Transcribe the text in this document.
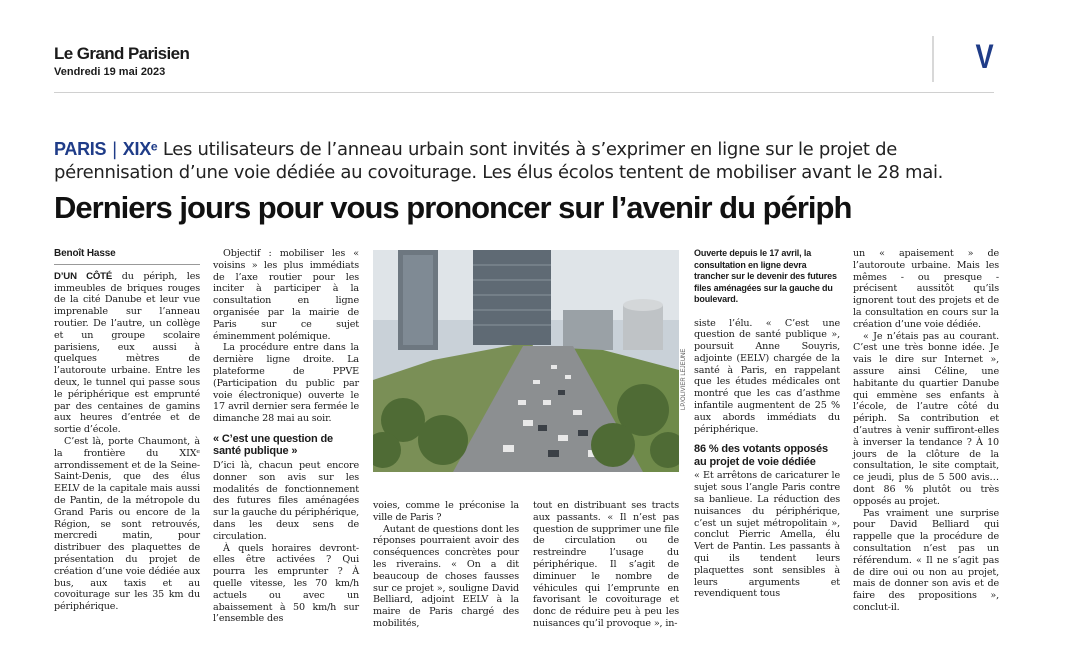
Le Grand Parisien
Vendredi 19 mai 2023	V
PARIS | XIXᵉ Les utilisateurs de l’anneau urbain sont invités à s’exprimer en ligne sur le projet de pérennisation d’une voie dédiée au covoiturage. Les élus écolos tentent de mobiliser avant le 28 mai.
Derniers jours pour vous prononcer sur l’avenir du périph
Benoît Hasse

D’UN CÔTÉ du périph, les immeubles de briques rouges de la cité Danube et leur vue imprenable sur l’anneau routier. De l’autre, un collège et un groupe scolaire parisiens, eux aussi à quelques mètres de l’autoroute urbaine. Entre les deux, le tunnel qui passe sous le périphérique est emprunté par des centaines de gamins aux heures d’entrée et de sortie d’école.

C’est là, porte Chaumont, à la frontière du XIXᵉ arrondissement et de la Seine-Saint-Denis, que des élus EELV de la capitale mais aussi de Pantin, de la métropole du Grand Paris ou encore de la Région, se sont retrouvés, mercredi matin, pour distribuer des plaquettes de présentation du projet de création d’une voie dédiée aux bus, aux taxis et au covoiturage sur les 35 km du périphérique.

Objectif : mobiliser les « voisins » les plus immédiats de l’axe routier pour les inciter à participer à la consultation en ligne organisée par la mairie de Paris sur ce sujet éminemment polémique.

La procédure entre dans la dernière ligne droite. La plateforme de PPVE (Participation du public par voie électronique) ouverte le 17 avril dernier sera fermée le dimanche 28 mai au soir.

« C’est une question de santé publique »

D’ici là, chacun peut encore donner son avis sur les modalités de fonctionnement des futures files aménagées sur la gauche du périphérique, dans les deux sens de circulation.

À quels horaires devront-elles être activées ? Qui pourra les emprunter ? À quelle vitesse, les 70 km/h actuels ou avec un abaissement à 50 km/h sur l’ensemble des

LP/OLIVIER LEJEUNE

voies, comme le préconise la ville de Paris ?

Autant de questions dont les réponses pourraient avoir des conséquences concrètes pour les riverains. « On a dit beaucoup de choses fausses sur ce projet », souligne David Belliard, adjoint EELV à la maire de Paris chargé des mobilités,

tout en distribuant ses tracts aux passants. « Il n’est pas question de supprimer une file de circulation ou de restreindre l’usage du périphérique. Il s’agit de diminuer le nombre de véhicules qui l’emprunte en favorisant le covoiturage et donc de réduire peu à peu les nuisances qu’il provoque », in-

Ouverte depuis le 17 avril, la consultation en ligne devra trancher sur le devenir des futures files aménagées sur la gauche du boulevard.

siste l’élu. « C’est une question de santé publique », poursuit Anne Souyris, adjointe (EELV) chargée de la santé à Paris, en rappelant que les études médicales ont montré que les cas d’asthme infantile augmentent de 25 % aux abords immédiats du périphérique.

86 % des votants opposés au projet de voie dédiée

« Et arrêtons de caricaturer le sujet sous l’angle Paris contre sa banlieue. La réduction des nuisances du périphérique, c’est un sujet métropolitain », conclut Pierric Amella, élu Vert de Pantin. Les passants à qui ils tendent leurs plaquettes sont sensibles à leurs arguments et revendiquent tous

un « apaisement » de l’autoroute urbaine. Mais les mêmes - ou presque - précisent aussitôt qu’ils ignorent tout des projets et de la consultation en cours sur la création d’une voie dédiée.

« Je n’étais pas au courant. C’est une très bonne idée. Je vais le dire sur Internet », assure ainsi Céline, une habitante du quartier Danube qui emmène ses enfants à l’école, de l’autre côté du périph. Sa contribution et d’autres à venir suffiront-elles à inverser la tendance ? À 10 jours de la clôture de la consultation, le site comptait, ce jeudi, plus de 5 500 avis… dont 86 % plutôt ou très opposés au projet.

Pas vraiment une surprise pour David Belliard qui rappelle que la procédure de consultation n’est pas un référendum. « Il ne s’agit pas de dire oui ou non au projet, mais de donner son avis et de faire des propositions », conclut-il.
